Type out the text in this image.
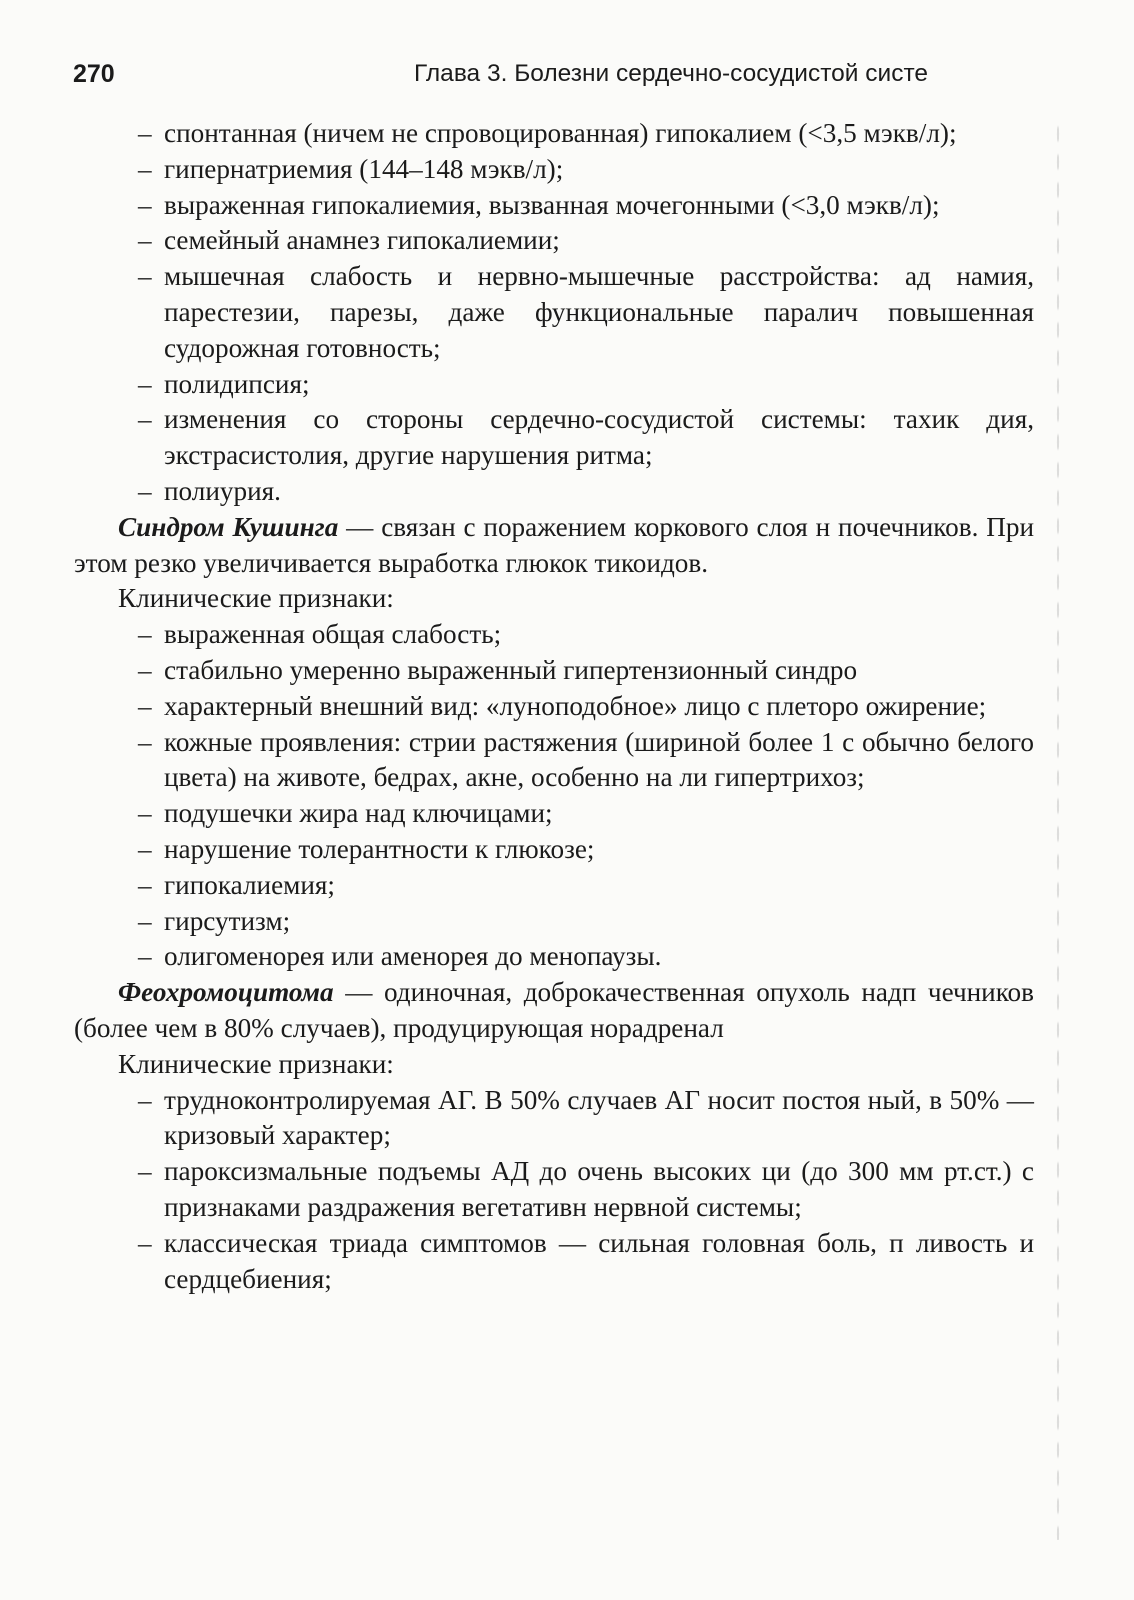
270	Глава 3. Болезни сердечно-сосудистой систе
– спонтанная (ничем не спровоцированная) гипокалием (<3,5 мэкв/л);
– гипернатриемия (144–148 мэкв/л);
– выраженная гипокалиемия, вызванная мочегонными (<3,0 мэкв/л);
– семейный анамнез гипокалиемии;
– мышечная слабость и нервно-мышечные расстройства: ад намия, парестезии, парезы, даже функциональные паралич повышенная судорожная готовность;
– полидипсия;
– изменения со стороны сердечно-сосудистой системы: тахик дия, экстрасистолия, другие нарушения ритма;
– полиурия.

Синдром Кушинга — связан с поражением коркового слоя н почечников. При этом резко увеличивается выработка глюкок тикоидов.

Клинические признаки:

– выраженная общая слабость;
– стабильно умеренно выраженный гипертензионный синдро
– характерный внешний вид: «луноподобное» лицо с плеторо ожирение;
– кожные проявления: стрии растяжения (шириной более 1 с обычно белого цвета) на животе, бедрах, акне, особенно на ли гипертрихоз;
– подушечки жира над ключицами;
– нарушение толерантности к глюкозе;
– гипокалиемия;
– гирсутизм;
– олигоменорея или аменорея до менопаузы.

Феохромоцитома — одиночная, доброкачественная опухоль надп чечников (более чем в 80% случаев), продуцирующая норадренал

Клинические признаки:

– трудноконтролируемая АГ. В 50% случаев АГ носит постоя ный, в 50% — кризовый характер;
– пароксизмальные подъемы АД до очень высоких ци (до 300 мм рт.ст.) с признаками раздражения вегетативн нервной системы;
– классическая триада симптомов — сильная головная боль, п ливость и сердцебиения;
